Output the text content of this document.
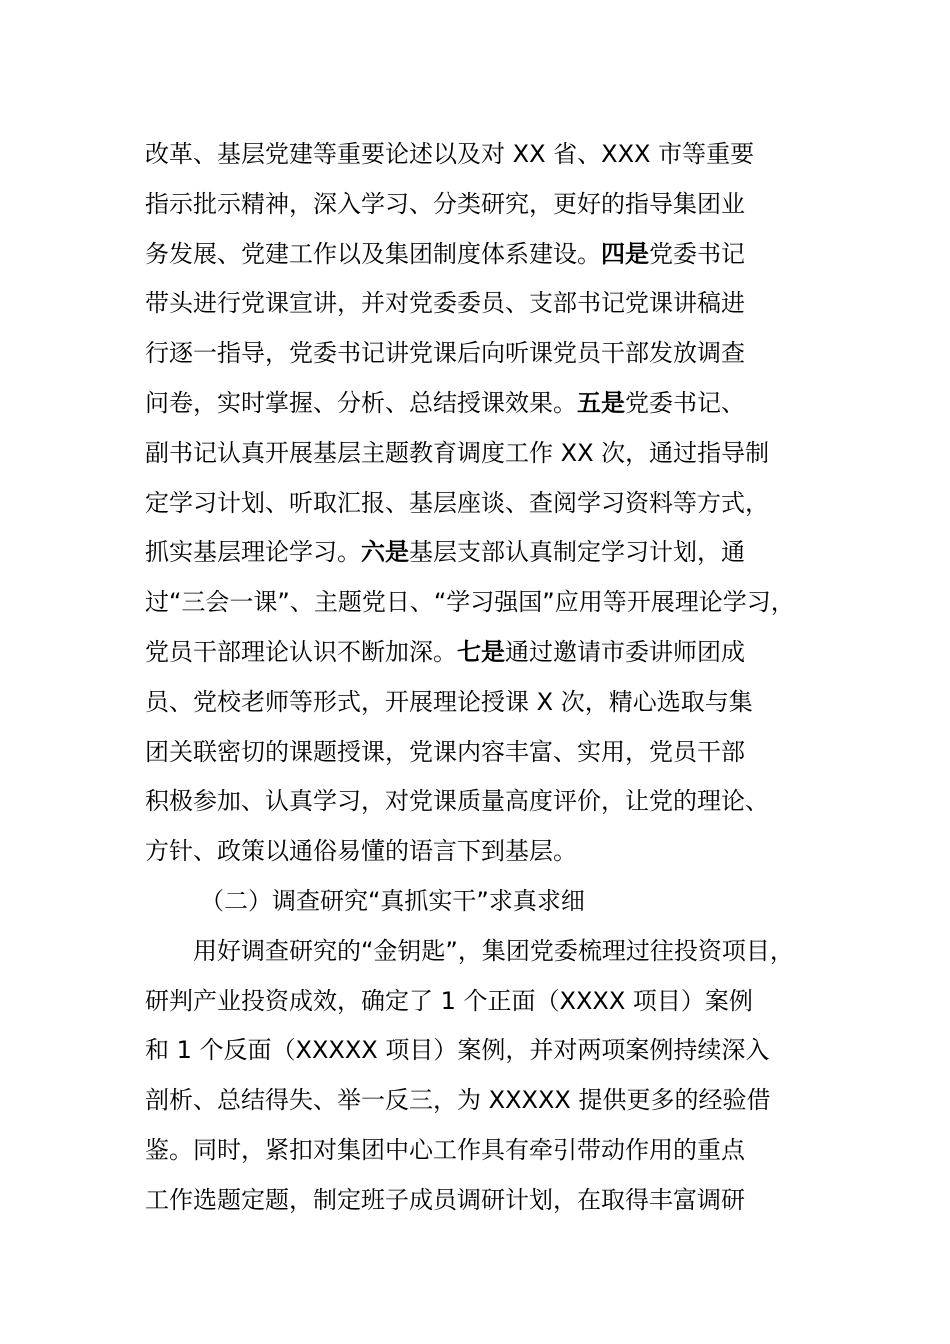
改革、基层党建等重要论述以及对 XX 省、XXX 市等重要
指示批示精神，深入学习、分类研究，更好的指导集团业
务发展、党建工作以及集团制度体系建设。四是党委书记
带头进行党课宣讲，并对党委委员、支部书记党课讲稿进
行逐一指导，党委书记讲党课后向听课党员干部发放调查
问卷，实时掌握、分析、总结授课效果。五是党委书记、
副书记认真开展基层主题教育调度工作 XX 次，通过指导制
定学习计划、听取汇报、基层座谈、查阅学习资料等方式，
抓实基层理论学习。六是基层支部认真制定学习计划，通
过“三会一课”、主题党日、“学习强国”应用等开展理论学习，
党员干部理论认识不断加深。七是通过邀请市委讲师团成
员、党校老师等形式，开展理论授课 X 次，精心选取与集
团关联密切的课题授课，党课内容丰富、实用，党员干部
积极参加、认真学习，对党课质量高度评价，让党的理论、
方针、政策以通俗易懂的语言下到基层。
（二）调查研究“真抓实干”求真求细
用好调查研究的“金钥匙”，集团党委梳理过往投资项目，
研判产业投资成效，确定了 1 个正面（XXXX 项目）案例
和 1 个反面（XXXXX 项目）案例，并对两项案例持续深入
剖析、总结得失、举一反三，为 XXXXX 提供更多的经验借
鉴。同时，紧扣对集团中心工作具有牵引带动作用的重点
工作选题定题，制定班子成员调研计划，在取得丰富调研
